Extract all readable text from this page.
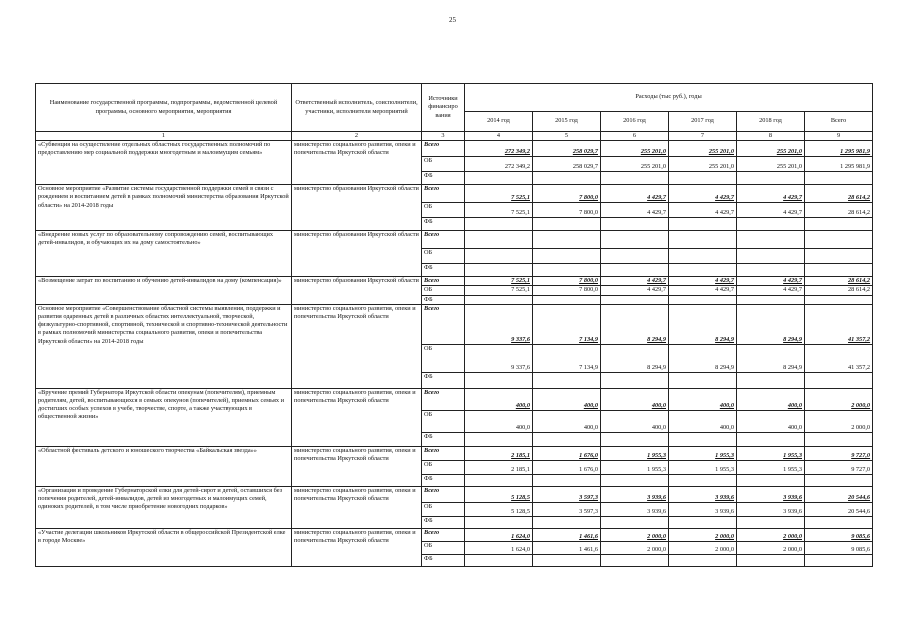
25
Наименование государственной программы, подпрограммы, ведомственной целевой программы, основного мероприятия, мероприятия	Ответственный исполнитель, соисполнители, участники, исполнители мероприятий	Источники финансиро вания	Расходы (тыс руб.), годы					
			2014 год	2015 год	2016 год	2017 год	2018 год	Всего
1	2	3	4	5	6	7	8	9
«Субвенция на осуществление отдельных областных государственных полномочий по предоставлению мер социальной поддержки многодетным и малоимущим семьям»	министерство социального развития, опеки и попечительства Иркутской области	Всего	272 349,2	258 029,7	255 201,0	255 201,0	255 201,0	1 295 981,9
		ОБ	272 349,2	258 029,7	255 201,0	255 201,0	255 201,0	1 295 981,9
		ФБ						
Основное мероприятие «Развитие системы государственной поддержки семей в связи с рождением и воспитанием детей в рамках полномочий министерства образования Иркутской области» на 2014-2018 годы	министерство образования Иркутской области	Всего	7 525,1	7 800,0	4 429,7	4 429,7	4 429,7	28 614,2
		ОБ	7 525,1	7 800,0	4 429,7	4 429,7	4 429,7	28 614,2
		ФБ						
«Внедрение новых услуг по образовательному сопровождению семей, воспитывающих детей-инвалидов, и обучающих их на дому самостоятельно»	министерство образования Иркутской области	Всего						
		ОБ						
		ФБ						
«Возмещение затрат по воспитанию и обучению детей-инвалидов на дому (компенсация)»	министерство образования Иркутской области	Всего	7 525,1	7 800,0	4 429,7	4 429,7	4 429,7	28 614,2
		ОБ	7 525,1	7 800,0	4 429,7	4 429,7	4 429,7	28 614,2
		ФБ						
Основное мероприятие «Совершенствование областной системы выявления, поддержки и развития одаренных детей в различных областях интеллектуальной, творческой, физкультурно-спортивной, спортивной, технической и спортивно-технической деятельности в рамках полномочий министерства социального развития, опеки и попечительства Иркутской области» на 2014-2018 годы	министерство социального развития, опеки и попечительства Иркутской области	Всего	9 337,6	7 134,9	8 294,9	8 294,9	8 294,9	41 357,2
		ОБ	9 337,6	7 134,9	8 294,9	8 294,9	8 294,9	41 357,2
		ФБ						
«Вручение премий Губернатора Иркутской области опекунам (попечителям), приемным родителям, детей, воспитывающихся в семьях опекунов (попечителей), приемных семьях и достигших особых успехов в учебе, творчестве, спорте, а также участвующих в общественной жизни»	министерство социального развития, опеки и попечительства Иркутской области	Всего	400,0	400,0	400,0	400,0	400,0	2 000,0
		ОБ	400,0	400,0	400,0	400,0	400,0	2 000,0
		ФБ						
«Областной фестиваль детского и юношеского творчества «Байкальская звезда»»	министерство социального развития, опеки и попечительства Иркутской области	Всего	2 185,1	1 676,0	1 955,3	1 955,3	1 955,3	9 727,0
		ОБ	2 185,1	1 676,0	1 955,3	1 955,3	1 955,3	9 727,0
		ФБ						
«Организация и проведение Губернаторской елки для детей-сирот и детей, оставшихся без попечения родителей, детей-инвалидов, детей из многодетных и малоимущих семей, одиноких родителей, в том числе приобретение новогодних подарков»	министерство социального развития, опеки и попечительства Иркутской области	Всего	5 128,5	3 597,3	3 939,6	3 939,6	3 939,6	20 544,6
		ОБ	5 128,5	3 597,3	3 939,6	3 939,6	3 939,6	20 544,6
		ФБ						
«Участие делегации школьников Иркутской области в общероссийской Президентской елке в городе Москве»	министерство социального развития, опеки и попечительства Иркутской области	Всего	1 624,0	1 461,6	2 000,0	2 000,0	2 000,0	9 085,6
		ОБ	1 624,0	1 461,6	2 000,0	2 000,0	2 000,0	9 085,6
		ФБ						
